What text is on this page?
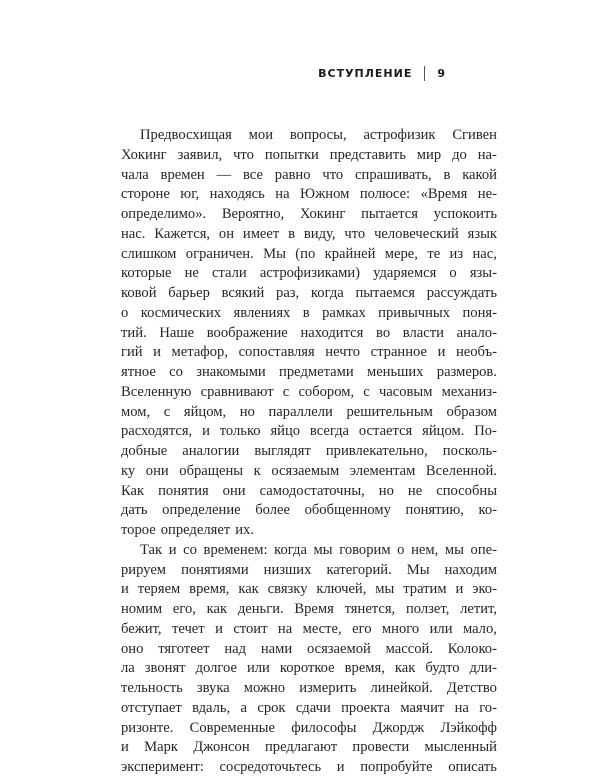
ВСТУПЛЕНИЕ 9
Предвосхищая мои вопросы, астрофизик Сгивен
Хокинг заявил, что попытки представить мир до на-
чала времен — все равно что спрашивать, в какой
стороне юг, находясь на Южном полюсе: «Время не-
определимо». Вероятно, Хокинг пытается успокоить
нас. Кажется, он имеет в виду, что человеческий язык
слишком ограничен. Мы (по крайней мере, те из нас,
которые не стали астрофизиками) ударяемся о язы-
ковой барьер всякий раз, когда пытаемся рассуждать
о космических явлениях в рамках привычных поня-
тий. Наше воображение находится во власти анало-
гий и метафор, сопоставляя нечто странное и необъ-
ятное со знакомыми предметами меньших размеров.
Вселенную сравнивают с собором, с часовым механиз-
мом, с яйцом, но параллели решительным образом
расходятся, и только яйцо всегда остается яйцом. По-
добные аналогии выглядят привлекательно, посколь-
ку они обращены к осязаемым элементам Вселенной.
Как понятия они самодостаточны, но не способны
дать определение более обобщенному понятию, ко-
торое определяет их.
Так и со временем: когда мы говорим о нем, мы опе-
рируем понятиями низших категорий. Мы находим
и теряем время, как связку ключей, мы тратим и эко-
номим его, как деньги. Время тянется, ползет, летит,
бежит, течет и стоит на месте, его много или мало,
оно тяготеет над нами осязаемой массой. Колоко-
ла звонят долгое или короткое время, как будто дли-
тельность звука можно измерить линейкой. Детство
отступает вдаль, а срок сдачи проекта маячит на го-
ризонте. Современные философы Джордж Лэйкофф
и Марк Джонсон предлагают провести мысленный
эксперимент: сосредоточьтесь и попробуйте описать
